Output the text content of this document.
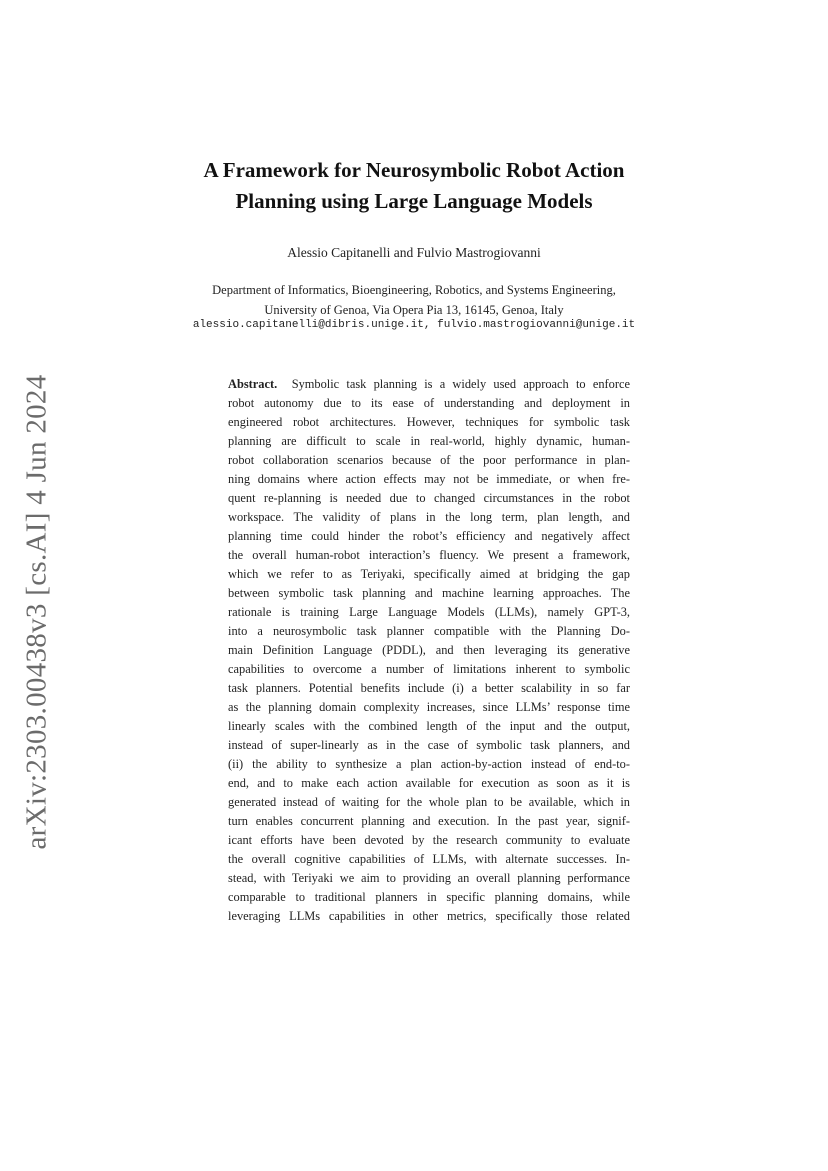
arXiv:2303.00438v3 [cs.AI] 4 Jun 2024
A Framework for Neurosymbolic Robot Action
Planning using Large Language Models
Alessio Capitanelli and Fulvio Mastrogiovanni
Department of Informatics, Bioengineering, Robotics, and Systems Engineering,
University of Genoa, Via Opera Pia 13, 16145, Genoa, Italy
alessio.capitanelli@dibris.unige.it, fulvio.mastrogiovanni@unige.it
Abstract. Symbolic task planning is a widely used approach to enforce
robot autonomy due to its ease of understanding and deployment in
engineered robot architectures. However, techniques for symbolic task
planning are difficult to scale in real-world, highly dynamic, human-
robot collaboration scenarios because of the poor performance in plan-
ning domains where action effects may not be immediate, or when fre-
quent re-planning is needed due to changed circumstances in the robot
workspace. The validity of plans in the long term, plan length, and
planning time could hinder the robot’s efficiency and negatively affect
the overall human-robot interaction’s fluency. We present a framework,
which we refer to as Teriyaki, specifically aimed at bridging the gap
between symbolic task planning and machine learning approaches. The
rationale is training Large Language Models (LLMs), namely GPT-3,
into a neurosymbolic task planner compatible with the Planning Do-
main Definition Language (PDDL), and then leveraging its generative
capabilities to overcome a number of limitations inherent to symbolic
task planners. Potential benefits include (i) a better scalability in so far
as the planning domain complexity increases, since LLMs’ response time
linearly scales with the combined length of the input and the output,
instead of super-linearly as in the case of symbolic task planners, and
(ii) the ability to synthesize a plan action-by-action instead of end-to-
end, and to make each action available for execution as soon as it is
generated instead of waiting for the whole plan to be available, which in
turn enables concurrent planning and execution. In the past year, signif-
icant efforts have been devoted by the research community to evaluate
the overall cognitive capabilities of LLMs, with alternate successes. In-
stead, with Teriyaki we aim to providing an overall planning performance
comparable to traditional planners in specific planning domains, while
leveraging LLMs capabilities in other metrics, specifically those related
